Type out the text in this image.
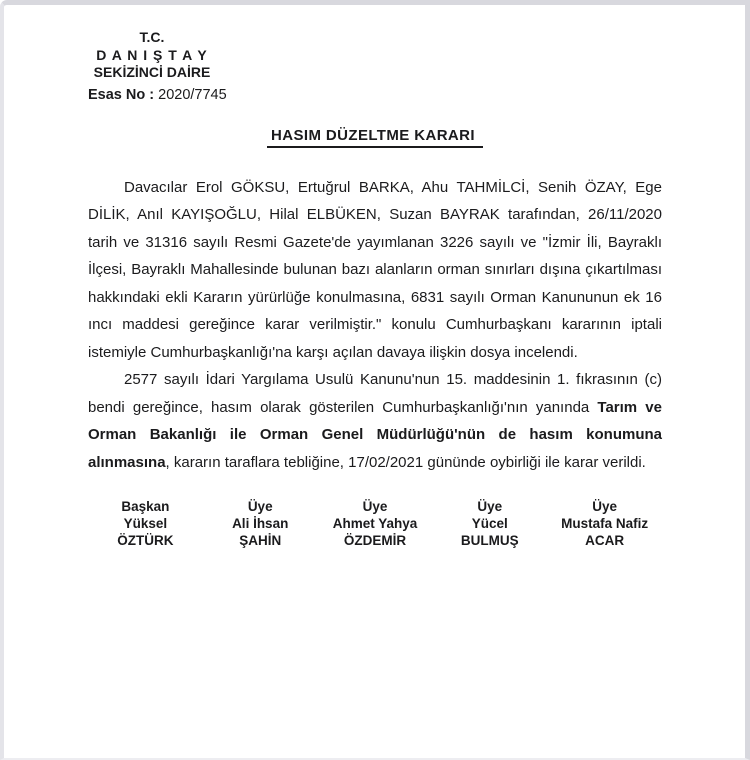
T.C.
D A N I Ş T A Y
SEKİZİNCİ DAİRE
Esas No : 2020/7745
HASIM DÜZELTME KARARI

Davacılar Erol GÖKSU, Ertuğrul BARKA, Ahu TAHMİLCİ, Senih ÖZAY, Ege DİLİK, Anıl KAYIŞOĞLU, Hilal ELBÜKEN, Suzan BAYRAK tarafından, 26/11/2020 tarih ve 31316 sayılı Resmi Gazete'de yayımlanan 3226 sayılı ve "İzmir İli, Bayraklı İlçesi, Bayraklı Mahallesinde bulunan bazı alanların orman sınırları dışına çıkartılması hakkındaki ekli Kararın yürürlüğe konulmasına, 6831 sayılı Orman Kanununun ek 16 ıncı maddesi gereğince karar verilmiştir." konulu Cumhurbaşkanı kararının iptali istemiyle Cumhurbaşkanlığı'na karşı açılan davaya ilişkin dosya incelendi.

2577 sayılı İdari Yargılama Usulü Kanunu'nun 15. maddesinin 1. fıkrasının (c) bendi gereğince, hasım olarak gösterilen Cumhurbaşkanlığı'nın yanında Tarım ve Orman Bakanlığı ile Orman Genel Müdürlüğü'nün de hasım konumuna alınmasına, kararın taraflara tebliğine, 17/02/2021 gününde oybirliği ile karar verildi.

Başkan
Yüksel
ÖZTÜRK
Üye
Ali İhsan
ŞAHİN
Üye
Ahmet Yahya
ÖZDEMİR
Üye
Yücel
BULMUŞ
Üye
Mustafa Nafiz
ACAR
